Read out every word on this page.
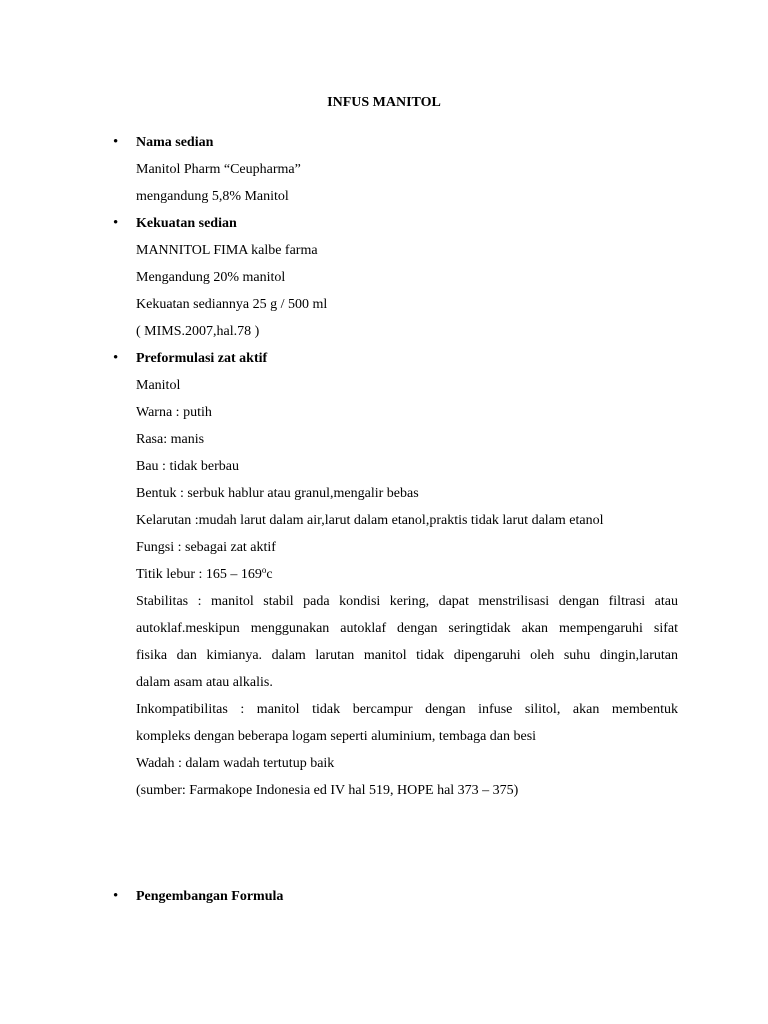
INFUS MANITOL
• Nama sedian
Manitol Pharm “Ceupharma”
mengandung 5,8% Manitol
• Kekuatan sedian
MANNITOL FIMA kalbe farma
Mengandung 20% manitol
Kekuatan sediannya 25 g / 500 ml
( MIMS.2007,hal.78 )
• Preformulasi zat aktif
Manitol
Warna : putih
Rasa: manis
Bau : tidak berbau
Bentuk : serbuk hablur atau granul,mengalir bebas
Kelarutan :mudah larut dalam air,larut dalam etanol,praktis tidak larut dalam etanol
Fungsi : sebagai zat aktif
Titik lebur : 165 – 169$^o$c
Stabilitas : manitol stabil pada kondisi kering, dapat menstrilisasi dengan filtrasi atau
autoklaf.meskipun menggunakan autoklaf dengan seringtidak akan mempengaruhi sifat
fisika dan kimianya. dalam larutan manitol tidak dipengaruhi oleh suhu dingin,larutan
dalam asam atau alkalis.
Inkompatibilitas : manitol tidak bercampur dengan infuse silitol, akan membentuk
kompleks dengan beberapa logam seperti aluminium, tembaga dan besi
Wadah : dalam wadah tertutup baik
(sumber: Farmakope Indonesia ed IV hal 519, HOPE hal 373 – 375)
• Pengembangan Formula
